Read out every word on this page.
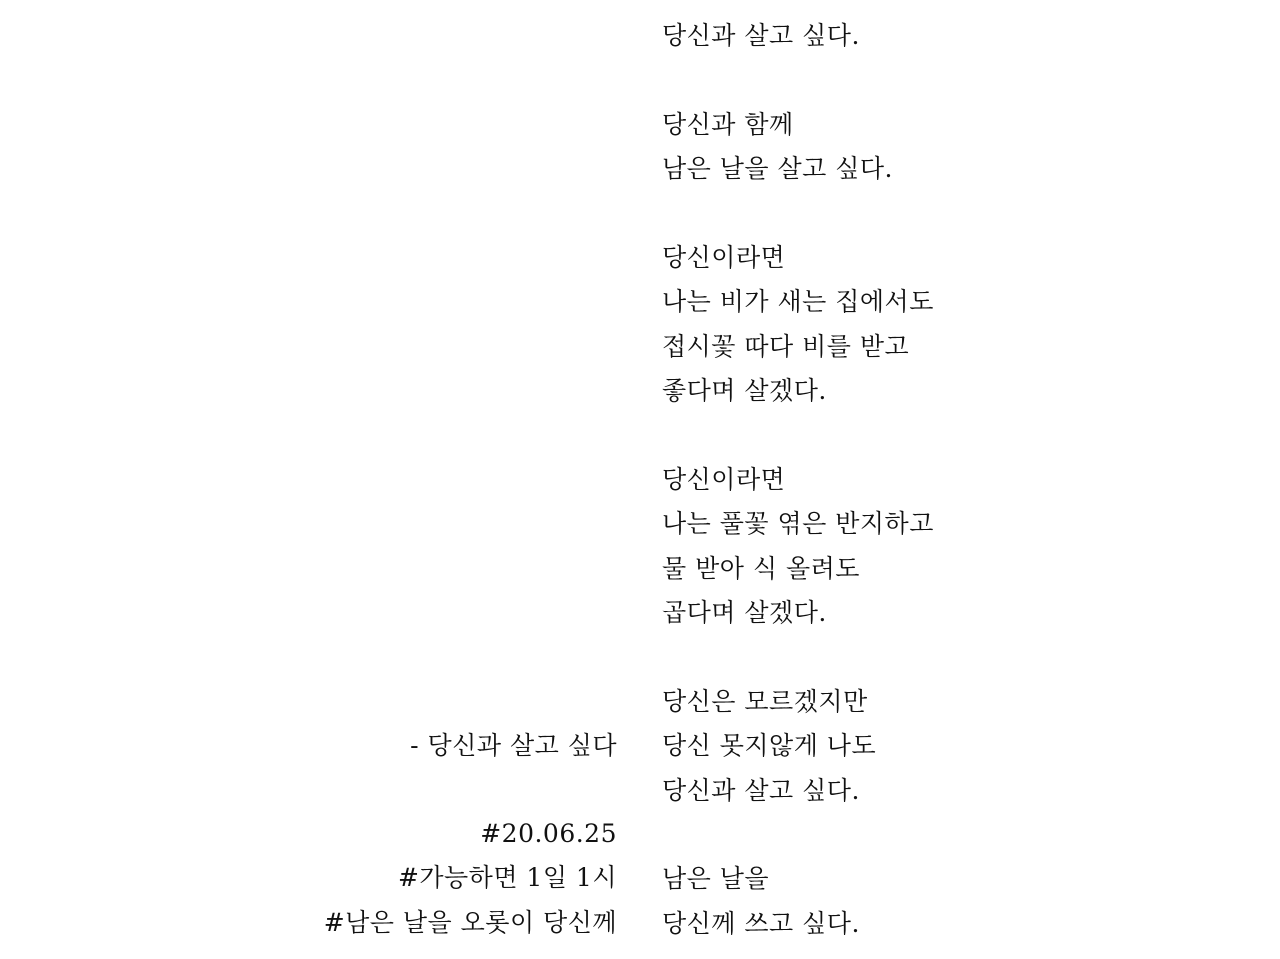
당신과 살고 싶다.
당신과 함께
남은 날을 살고 싶다.
당신이라면
나는 비가 새는 집에서도
접시꽃 따다 비를 받고
좋다며 살겠다.
당신이라면
나는 풀꽃 엮은 반지하고
물 받아 식 올려도
곱다며 살겠다.
당신은 모르겠지만
당신 못지않게 나도
당신과 살고 싶다.
남은 날을
당신께 쓰고 싶다.
- 당신과 살고 싶다
#20.06.25
#가능하면 1일 1시
#남은 날을 오롯이 당신께
